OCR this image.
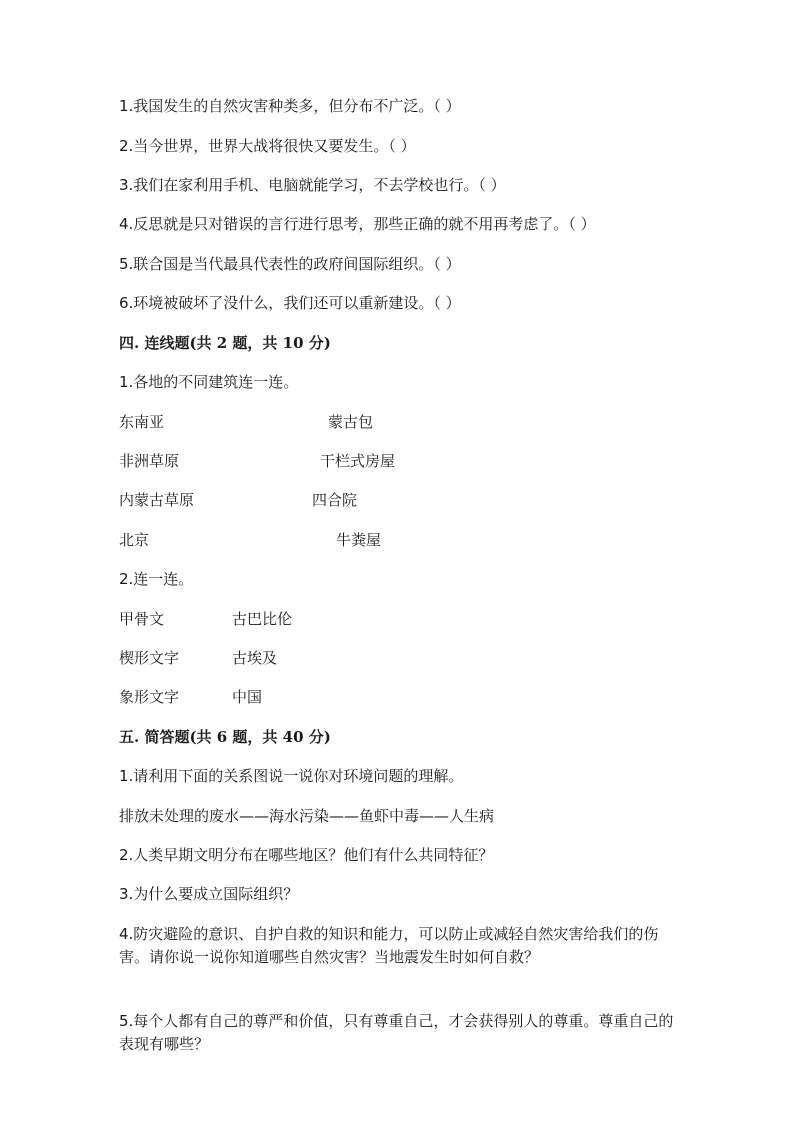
1.我国发生的自然灾害种类多，但分布不广泛。（ ）
2.当今世界，世界大战将很快又要发生。（ ）
3.我们在家利用手机、电脑就能学习，不去学校也行。（ ）
4.反思就是只对错误的言行进行思考，那些正确的就不用再考虑了。（ ）
5.联合国是当代最具代表性的政府间国际组织。（ ）
6.环境被破坏了没什么，我们还可以重新建设。（ ）
四. 连线题(共 2 题，共 10 分)
1.各地的不同建筑连一连。
东南亚	蒙古包
非洲草原	干栏式房屋
内蒙古草原	四合院
北京	牛粪屋
2.连一连。
甲骨文	古巴比伦
楔形文字	古埃及
象形文字	中国
五. 简答题(共 6 题，共 40 分)
1.请利用下面的关系图说一说你对环境问题的理解。
排放未处理的废水——海水污染——鱼虾中毒——人生病
2.人类早期文明分布在哪些地区？他们有什么共同特征？
3.为什么要成立国际组织？
4.防灾避险的意识、自护自救的知识和能力，可以防止或减轻自然灾害给我们的伤害。请你说一说你知道哪些自然灾害？当地震发生时如何自救？
5.每个人都有自己的尊严和价值，只有尊重自己，才会获得别人的尊重。尊重自己的表现有哪些？
